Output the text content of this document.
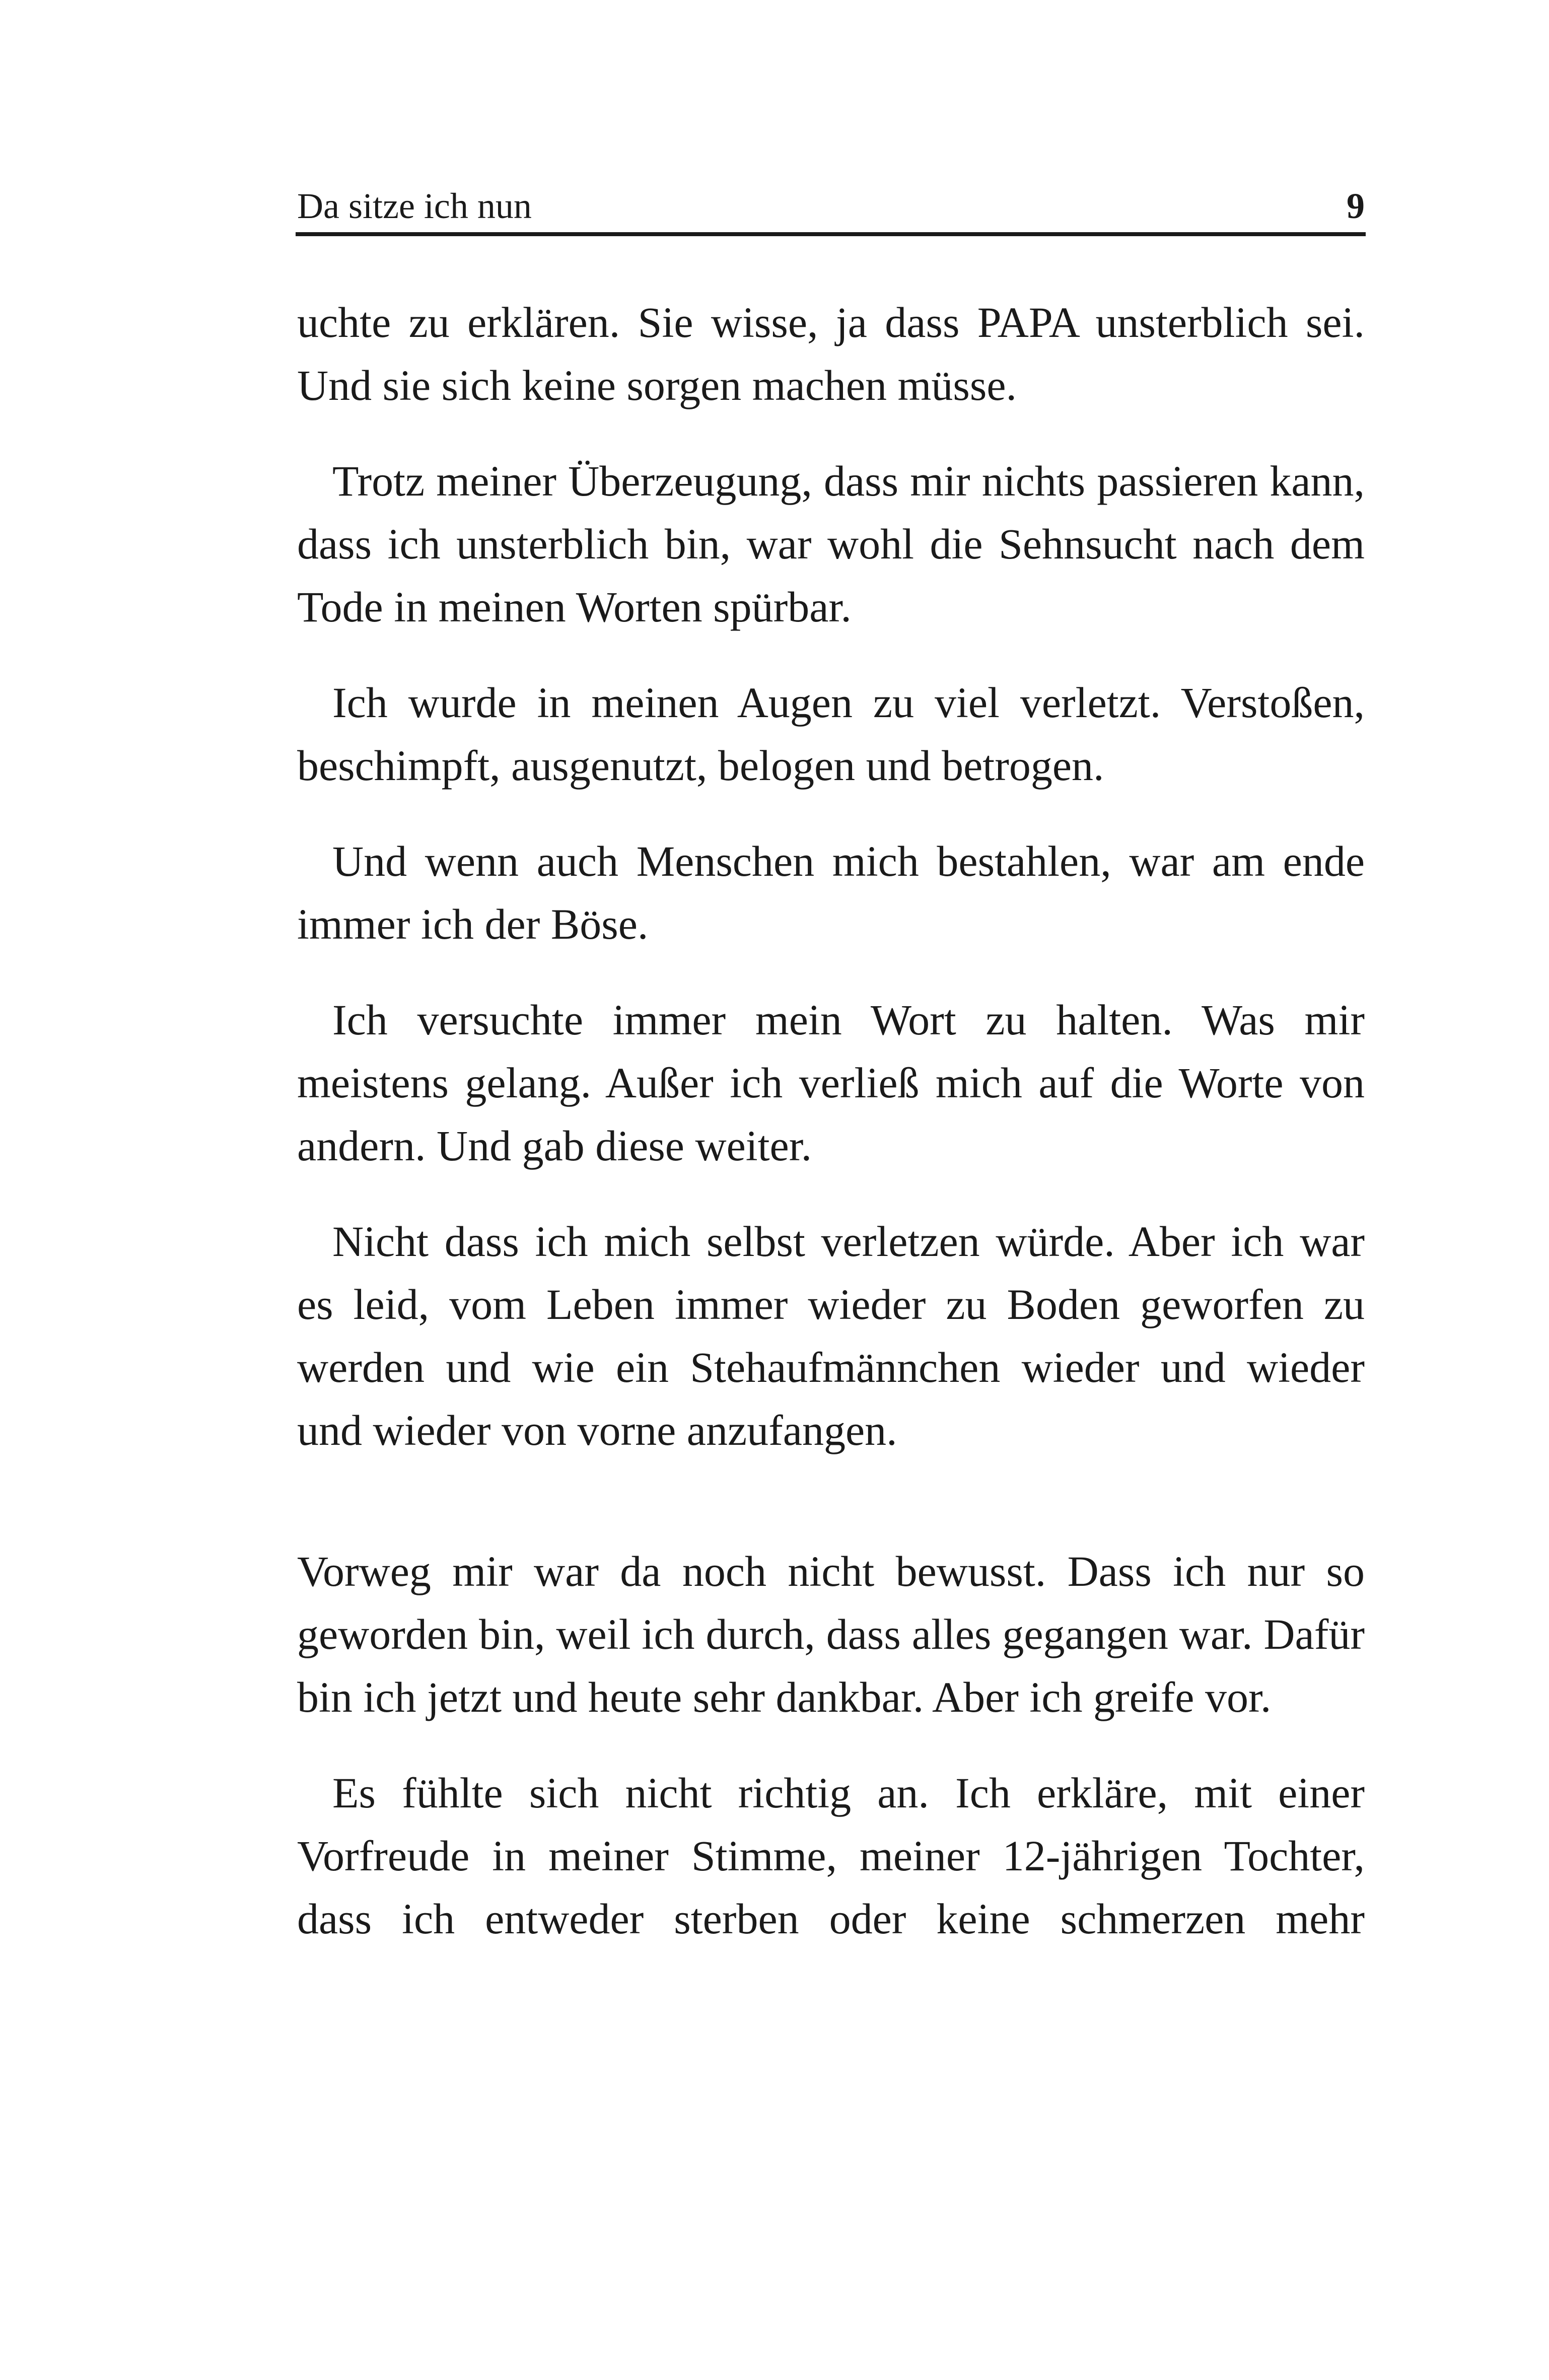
Da sitze ich nun	9

uchte zu erklären. Sie wisse, ja dass PAPA unsterblich sei. Und sie sich keine sorgen machen müsse.

Trotz meiner Überzeugung, dass mir nichts passieren kann, dass ich unsterblich bin, war wohl die Sehnsucht nach dem Tode in meinen Worten spürbar.

Ich wurde in meinen Augen zu viel verletzt. Verstoßen, beschimpft, ausgenutzt, belogen und betrogen.

Und wenn auch Menschen mich bestahlen, war am ende immer ich der Böse.

Ich versuchte immer mein Wort zu halten. Was mir meistens gelang. Außer ich verließ mich auf die Worte von andern. Und gab diese weiter.

Nicht dass ich mich selbst verletzen würde. Aber ich war es leid, vom Leben immer wieder zu Boden geworfen zu werden und wie ein Stehaufmännchen wieder und wieder und wieder von vorne anzufangen.

Vorweg mir war da noch nicht bewusst. Dass ich nur so geworden bin, weil ich durch, dass alles gegangen war. Dafür bin ich jetzt und heute sehr dankbar. Aber ich greife vor.

Es fühlte sich nicht richtig an. Ich erkläre, mit einer Vorfreude in meiner Stimme, meiner 12-jährigen Tochter, dass ich entweder sterben oder keine schmerzen mehr
